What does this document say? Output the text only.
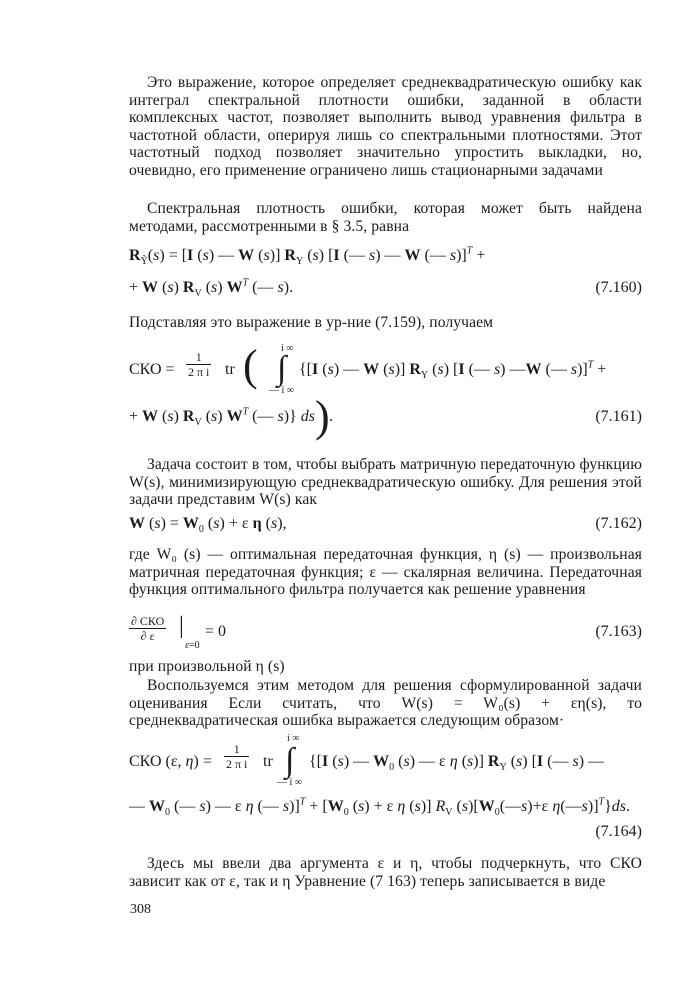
Это выражение, которое определяет среднеквадратическую ошибку как интеграл спектральной плотности ошибки, заданной в области комплексных частот, позволяет выполнить вывод уравнения фильтра в частотной области, оперируя лишь со спектральными плотностями. Этот частотный подход позволяет значительно упростить выкладки, но, очевидно, его применение ограничено лишь стационарными задачами
Спектральная плотность ошибки, которая может быть найдена методами, рассмотренными в § 3.5, равна
$R_Ỹ(s) = [I$ (s) — W (s)] $R_Y$ (s) [I (— s) — W (— s)]$^T$ +
+ W (s) $R_V$ (s) $W^T$ (— s).	(7.160)
Подставляя это выражение в ур-ние (7.159), получаем
СКО = $\frac{1}{\text{2 π i}}$ tr ( ∫
i ∞
— i ∞
{[I (s) — W (s)] $R_Y$ (s) [I (— s) —W (— s)]$^T$ +
+ W (s) $R_V$ (s) $W^T$ (— s)} ds ) .	(7.161)
Задача состоит в том, чтобы выбрать матричную передаточную функцию W(s), минимизирующую среднеквадратическую ошибку. Для решения этой задачи представим W(s) как
W $(s) = W_0$ (s) + ε η (s),	(7.162)
где W₀ (s) — оптимальная передаточная функция, η (s) — произвольная матричная передаточная функция; ε — скалярная величина. Передаточная функция оптимального фильтра получается как решение уравнения
∂ СКО
∂ ε	|
ε=0
= 0	(7.163)
при произвольной η (s)
Воспользуемся этим методом для решения сформулированной задачи оценивания Если считать, что W(s) = W₀(s) + εη(s), то среднеквадратическая ошибка выражается следующим образом·
СКО (ε, $\eta) = \frac{1}{\text{2 π i}}$ tr ∫
i ∞
— i ∞
{[I (s) — $W_0$ (s) — ε η (s)] $R_Y$ (s) [I (— s) —
— $W_0$ (— s) — ε η (— $s)]^T + [W_0$ (s) + ε η (s)] $R_V$ $(s)[W_0(—s)+\varepsilon$ η(—s)]$^T$}ds.
(7.164)
Здесь мы ввели два аргумента ε и η, чтобы подчеркнуть, что СКО зависит как от ε, так и η Уравнение (7 163) теперь записывается в виде
308
